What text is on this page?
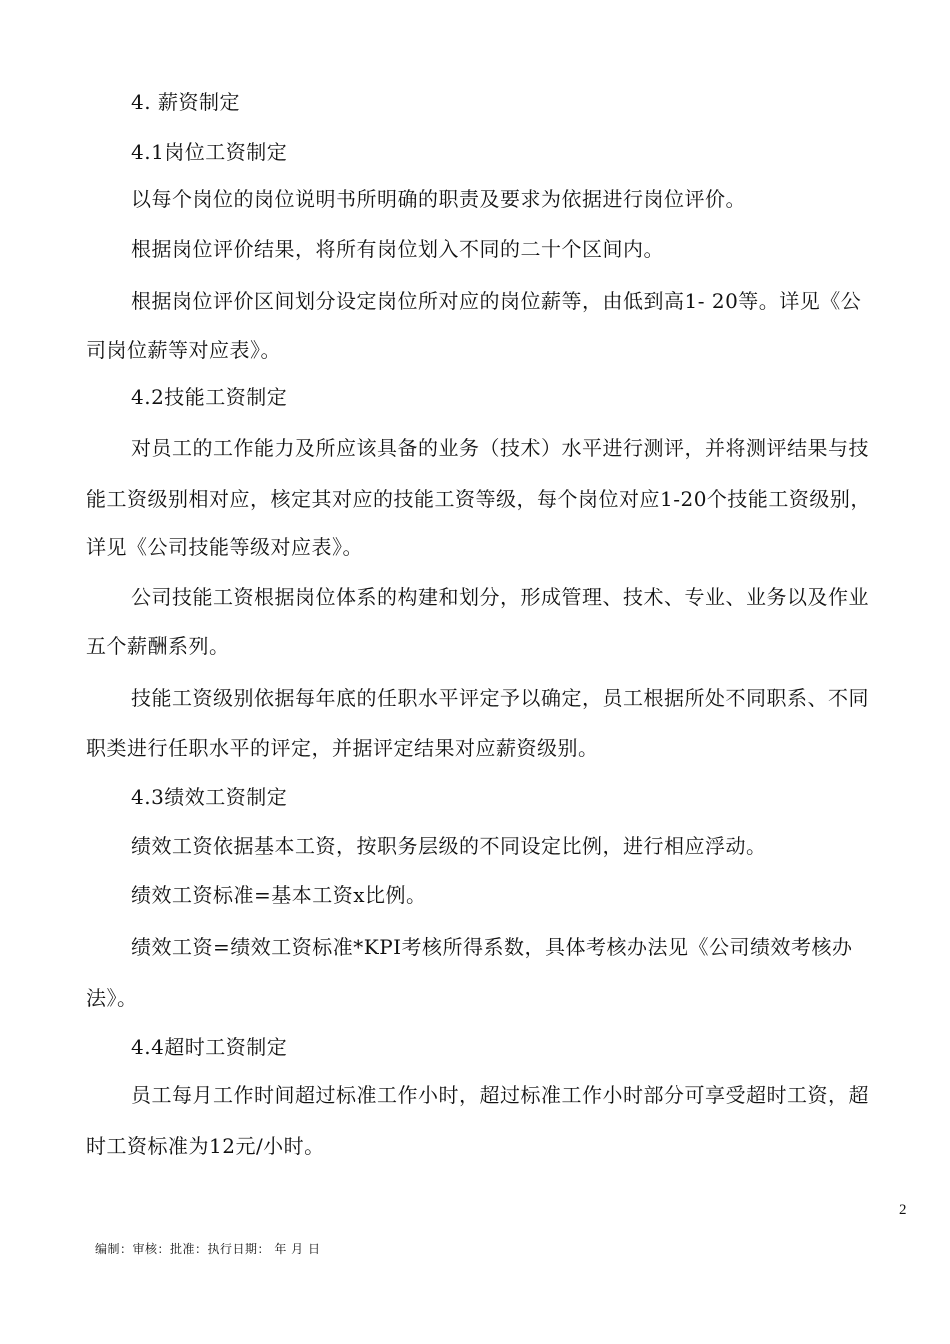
4. 薪资制定
4.1岗位工资制定
以每个岗位的岗位说明书所明确的职责及要求为依据进行岗位评价。
根据岗位评价结果，将所有岗位划入不同的二十个区间内。
根据岗位评价区间划分设定岗位所对应的岗位薪等，由低到高1- 20等。详见《公
司岗位薪等对应表》。
4.2技能工资制定
对员工的工作能力及所应该具备的业务（技术）水平进行测评，并将测评结果与技
能工资级别相对应，核定其对应的技能工资等级，每个岗位对应1-20个技能工资级别，
详见《公司技能等级对应表》。
公司技能工资根据岗位体系的构建和划分，形成管理、技术、专业、业务以及作业
五个薪酬系列。
技能工资级别依据每年底的任职水平评定予以确定，员工根据所处不同职系、不同
职类进行任职水平的评定，并据评定结果对应薪资级别。
4.3绩效工资制定
绩效工资依据基本工资，按职务层级的不同设定比例，进行相应浮动。
绩效工资标准=基本工资x比例。
绩效工资=绩效工资标准*KPI考核所得系数，具体考核办法见《公司绩效考核办
法》。
4.4超时工资制定
员工每月工作时间超过标准工作小时，超过标准工作小时部分可享受超时工资，超
时工资标准为12元/小时。
2
编制：审核：批准：执行日期： 年 月 日
